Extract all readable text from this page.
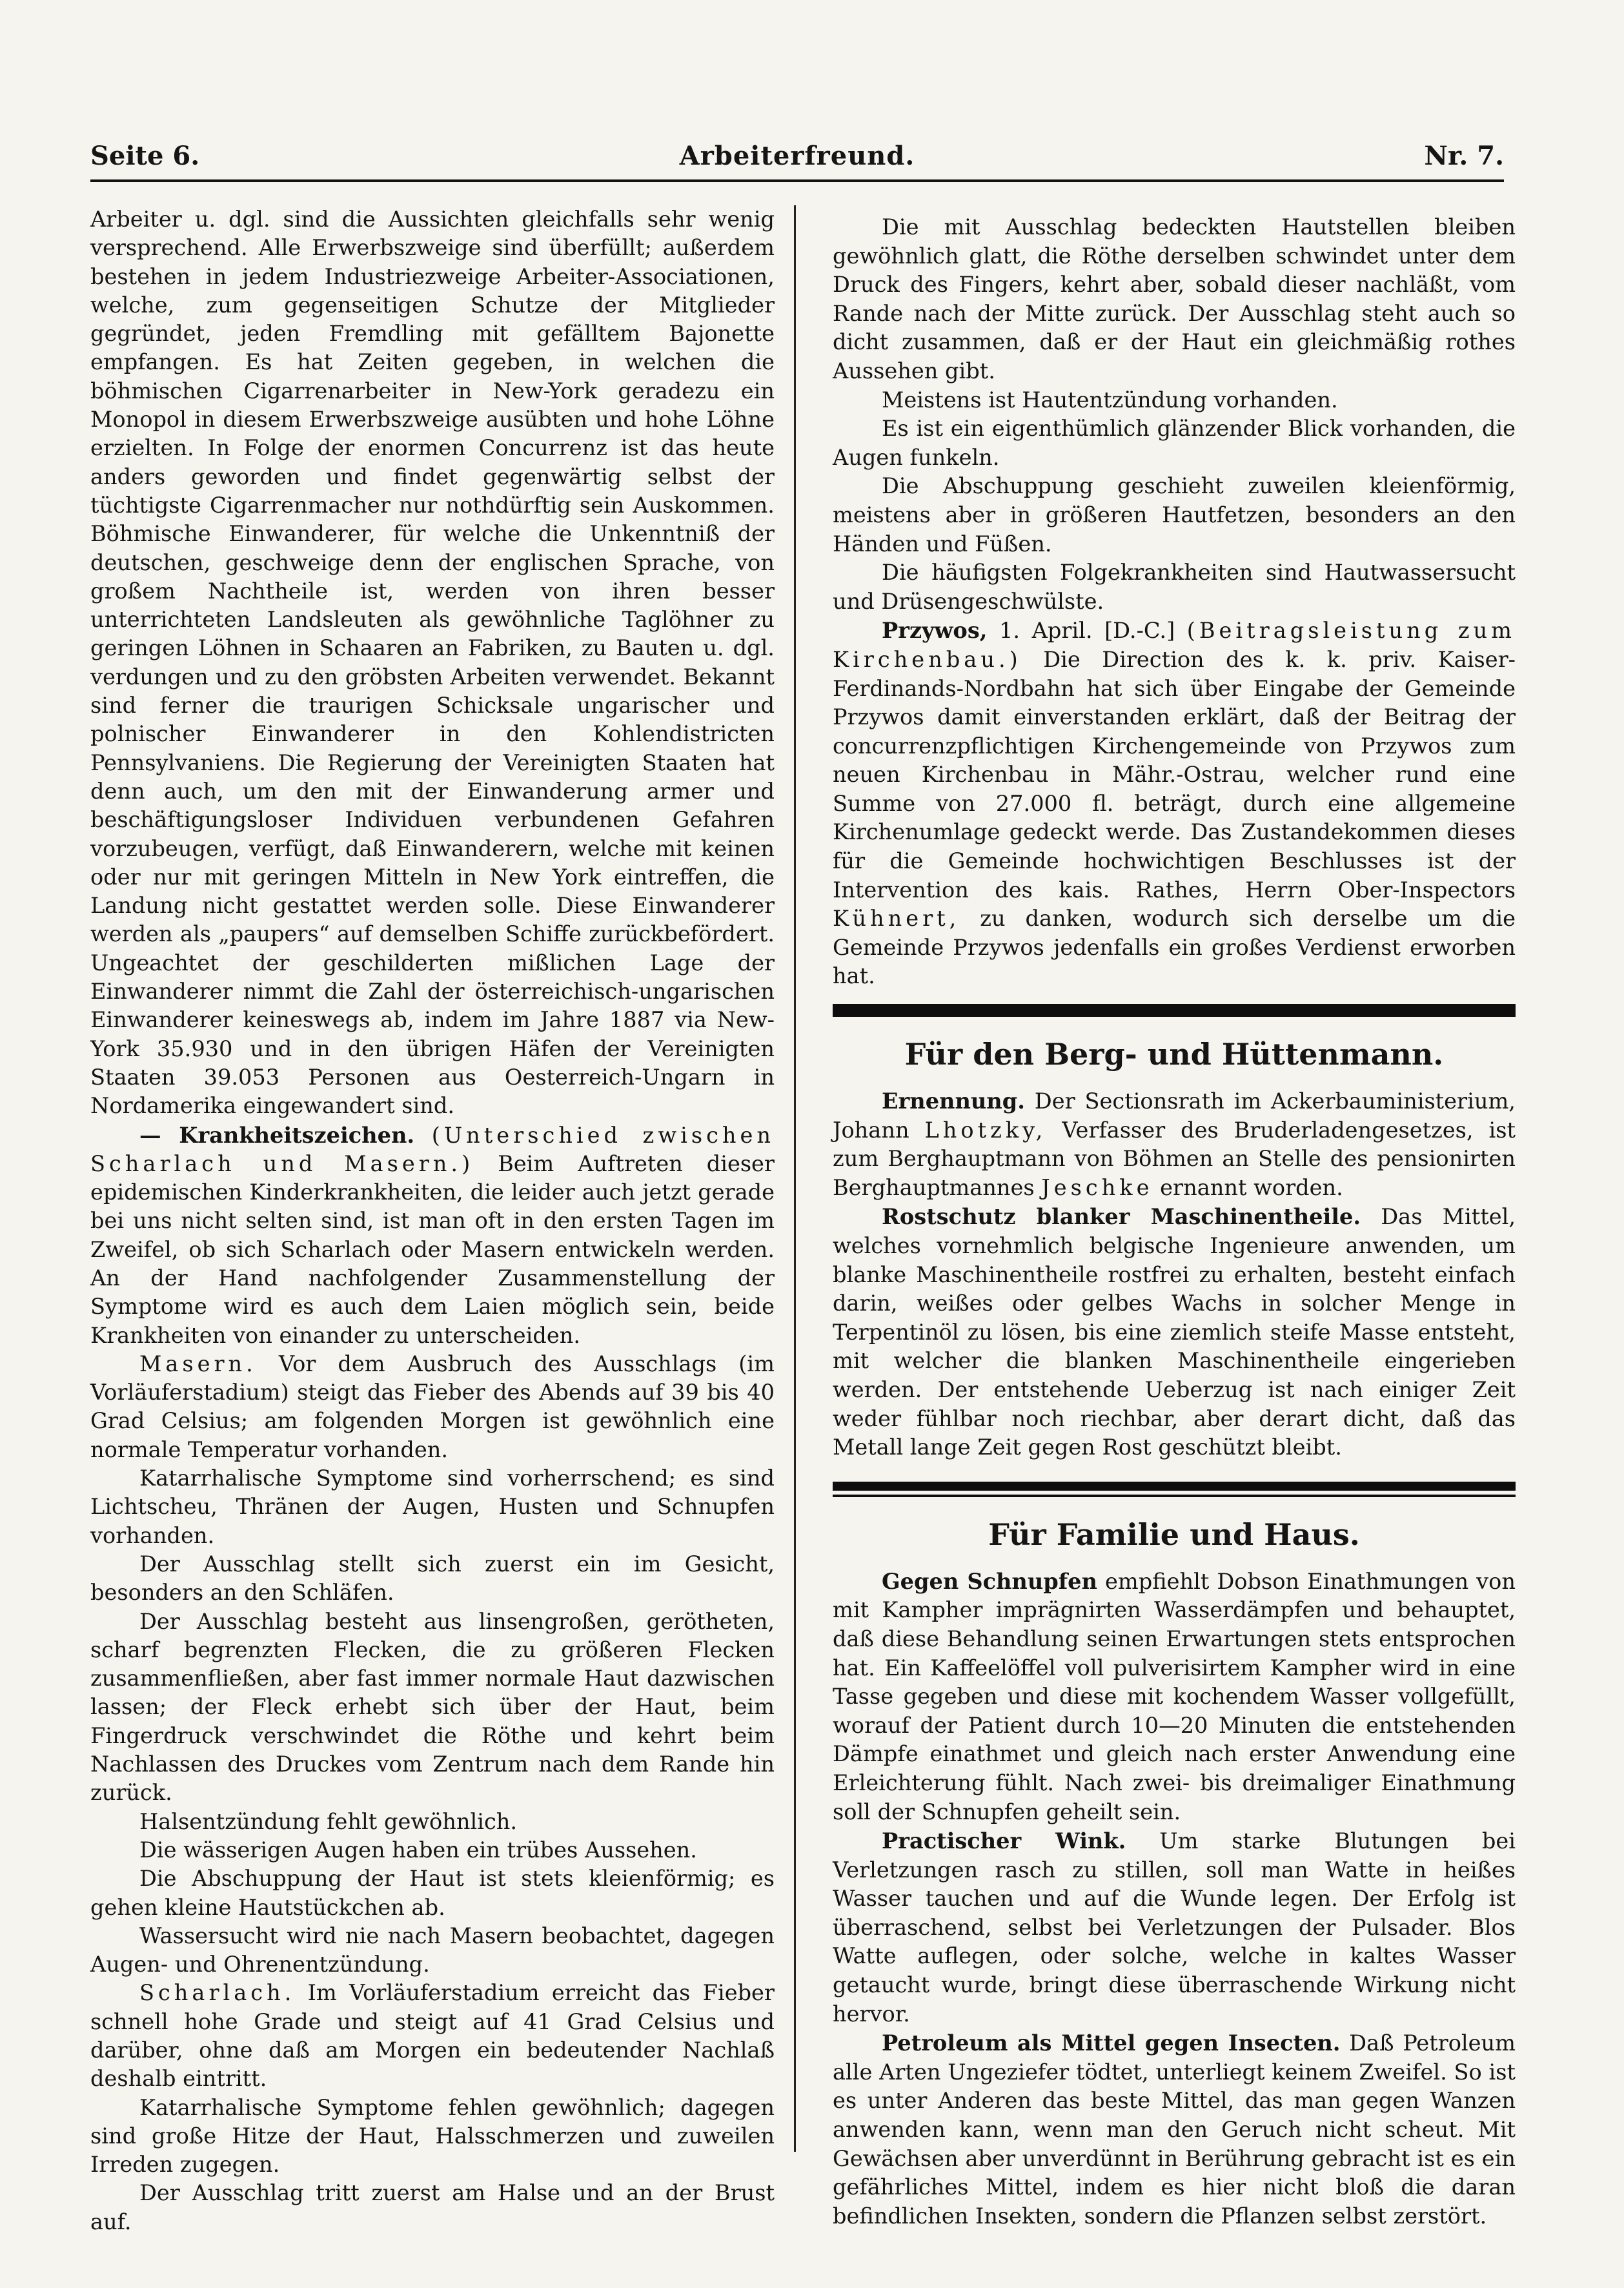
Seite 6.	Arbeiterfreund.	Nr. 7.

Arbeiter u. dgl. sind die Aussichten gleichfalls sehr wenig versprechend. Alle Erwerbszweige sind überfüllt; außerdem bestehen in jedem Industriezweige Arbeiter-Associationen, welche, zum gegenseitigen Schutze der Mitglieder gegründet, jeden Fremdling mit gefälltem Bajonette empfangen. Es hat Zeiten gegeben, in welchen die böhmischen Cigarrenarbeiter in New-York geradezu ein Monopol in diesem Erwerbszweige ausübten und hohe Löhne erzielten. In Folge der enormen Concurrenz ist das heute anders geworden und findet gegenwärtig selbst der tüchtigste Cigarrenmacher nur nothdürftig sein Auskommen. Böhmische Einwanderer, für welche die Unkenntniß der deutschen, geschweige denn der englischen Sprache, von großem Nachtheile ist, werden von ihren besser unterrichteten Landsleuten als gewöhnliche Taglöhner zu geringen Löhnen in Schaaren an Fabriken, zu Bauten u. dgl. verdungen und zu den gröbsten Arbeiten verwendet. Bekannt sind ferner die traurigen Schicksale ungarischer und polnischer Einwanderer in den Kohlendistricten Pennsylvaniens. Die Regierung der Vereinigten Staaten hat denn auch, um den mit der Einwanderung armer und beschäftigungsloser Individuen verbundenen Gefahren vorzubeugen, verfügt, daß Einwanderern, welche mit keinen oder nur mit geringen Mitteln in New York eintreffen, die Landung nicht gestattet werden solle. Diese Einwanderer werden als „paupers“ auf demselben Schiffe zurückbefördert. Ungeachtet der geschilderten mißlichen Lage der Einwanderer nimmt die Zahl der österreichisch-ungarischen Einwanderer keineswegs ab, indem im Jahre 1887 via New-York 35.930 und in den übrigen Häfen der Vereinigten Staaten 39.053 Personen aus Oesterreich-Ungarn in Nordamerika eingewandert sind.

— Krankheitszeichen. (Unterschied zwischen Scharlach und Masern.) Beim Auftreten dieser epidemischen Kinderkrankheiten, die leider auch jetzt gerade bei uns nicht selten sind, ist man oft in den ersten Tagen im Zweifel, ob sich Scharlach oder Masern entwickeln werden. An der Hand nachfolgender Zusammenstellung der Symptome wird es auch dem Laien möglich sein, beide Krankheiten von einander zu unterscheiden.

Masern. Vor dem Ausbruch des Ausschlags (im Vorläuferstadium) steigt das Fieber des Abends auf 39 bis 40 Grad Celsius; am folgenden Morgen ist gewöhnlich eine normale Temperatur vorhanden.

Katarrhalische Symptome sind vorherrschend; es sind Lichtscheu, Thränen der Augen, Husten und Schnupfen vorhanden.

Der Ausschlag stellt sich zuerst ein im Gesicht, besonders an den Schläfen.

Der Ausschlag besteht aus linsengroßen, gerötheten, scharf begrenzten Flecken, die zu größeren Flecken zusammenfließen, aber fast immer normale Haut dazwischen lassen; der Fleck erhebt sich über der Haut, beim Fingerdruck verschwindet die Röthe und kehrt beim Nachlassen des Druckes vom Zentrum nach dem Rande hin zurück.

Halsentzündung fehlt gewöhnlich.

Die wässerigen Augen haben ein trübes Aussehen.

Die Abschuppung der Haut ist stets kleienförmig; es gehen kleine Hautstückchen ab.

Wassersucht wird nie nach Masern beobachtet, dagegen Augen- und Ohrenentzündung.

Scharlach. Im Vorläuferstadium erreicht das Fieber schnell hohe Grade und steigt auf 41 Grad Celsius und darüber, ohne daß am Morgen ein bedeutender Nachlaß deshalb eintritt.

Katarrhalische Symptome fehlen gewöhnlich; dagegen sind große Hitze der Haut, Halsschmerzen und zuweilen Irreden zugegen.

Der Ausschlag tritt zuerst am Halse und an der Brust auf.

Die mit Ausschlag bedeckten Hautstellen bleiben gewöhnlich glatt, die Röthe derselben schwindet unter dem Druck des Fingers, kehrt aber, sobald dieser nachläßt, vom Rande nach der Mitte zurück. Der Ausschlag steht auch so dicht zusammen, daß er der Haut ein gleichmäßig rothes Aussehen gibt.

Meistens ist Hautentzündung vorhanden.

Es ist ein eigenthümlich glänzender Blick vorhanden, die Augen funkeln.

Die Abschuppung geschieht zuweilen kleienförmig, meistens aber in größeren Hautfetzen, besonders an den Händen und Füßen.

Die häufigsten Folgekrankheiten sind Hautwassersucht und Drüsengeschwülste.

Przywos, 1. April. [D.-C.] (Beitragsleistung zum Kirchenbau.) Die Direction des k. k. priv. Kaiser-Ferdinands-Nordbahn hat sich über Eingabe der Gemeinde Przywos damit einverstanden erklärt, daß der Beitrag der concurrenzpflichtigen Kirchengemeinde von Przywos zum neuen Kirchenbau in Mähr.-Ostrau, welcher rund eine Summe von 27.000 fl. beträgt, durch eine allgemeine Kirchenumlage gedeckt werde. Das Zustandekommen dieses für die Gemeinde hochwichtigen Beschlusses ist der Intervention des kais. Rathes, Herrn Ober-Inspectors Kühnert, zu danken, wodurch sich derselbe um die Gemeinde Przywos jedenfalls ein großes Verdienst erworben hat.

Für den Berg- und Hüttenmann.

Ernennung. Der Sectionsrath im Ackerbauministerium, Johann Lhotzky, Verfasser des Bruderladengesetzes, ist zum Berghauptmann von Böhmen an Stelle des pensionirten Berghauptmannes Jeschke ernannt worden.

Rostschutz blanker Maschinentheile. Das Mittel, welches vornehmlich belgische Ingenieure anwenden, um blanke Maschinentheile rostfrei zu erhalten, besteht einfach darin, weißes oder gelbes Wachs in solcher Menge in Terpentinöl zu lösen, bis eine ziemlich steife Masse entsteht, mit welcher die blanken Maschinentheile eingerieben werden. Der entstehende Ueberzug ist nach einiger Zeit weder fühlbar noch riechbar, aber derart dicht, daß das Metall lange Zeit gegen Rost geschützt bleibt.

Für Familie und Haus.

Gegen Schnupfen empfiehlt Dobson Einathmungen von mit Kampher imprägnirten Wasserdämpfen und behauptet, daß diese Behandlung seinen Erwartungen stets entsprochen hat. Ein Kaffeelöffel voll pulverisirtem Kampher wird in eine Tasse gegeben und diese mit kochendem Wasser vollgefüllt, worauf der Patient durch 10—20 Minuten die entstehenden Dämpfe einathmet und gleich nach erster Anwendung eine Erleichterung fühlt. Nach zwei- bis dreimaliger Einathmung soll der Schnupfen geheilt sein.

Practischer Wink. Um starke Blutungen bei Verletzungen rasch zu stillen, soll man Watte in heißes Wasser tauchen und auf die Wunde legen. Der Erfolg ist überraschend, selbst bei Verletzungen der Pulsader. Blos Watte auflegen, oder solche, welche in kaltes Wasser getaucht wurde, bringt diese überraschende Wirkung nicht hervor.

Petroleum als Mittel gegen Insecten. Daß Petroleum alle Arten Ungeziefer tödtet, unterliegt keinem Zweifel. So ist es unter Anderen das beste Mittel, das man gegen Wanzen anwenden kann, wenn man den Geruch nicht scheut. Mit Gewächsen aber unverdünnt in Berührung gebracht ist es ein gefährliches Mittel, indem es hier nicht bloß die daran befindlichen Insekten, sondern die Pflanzen selbst zerstört.
